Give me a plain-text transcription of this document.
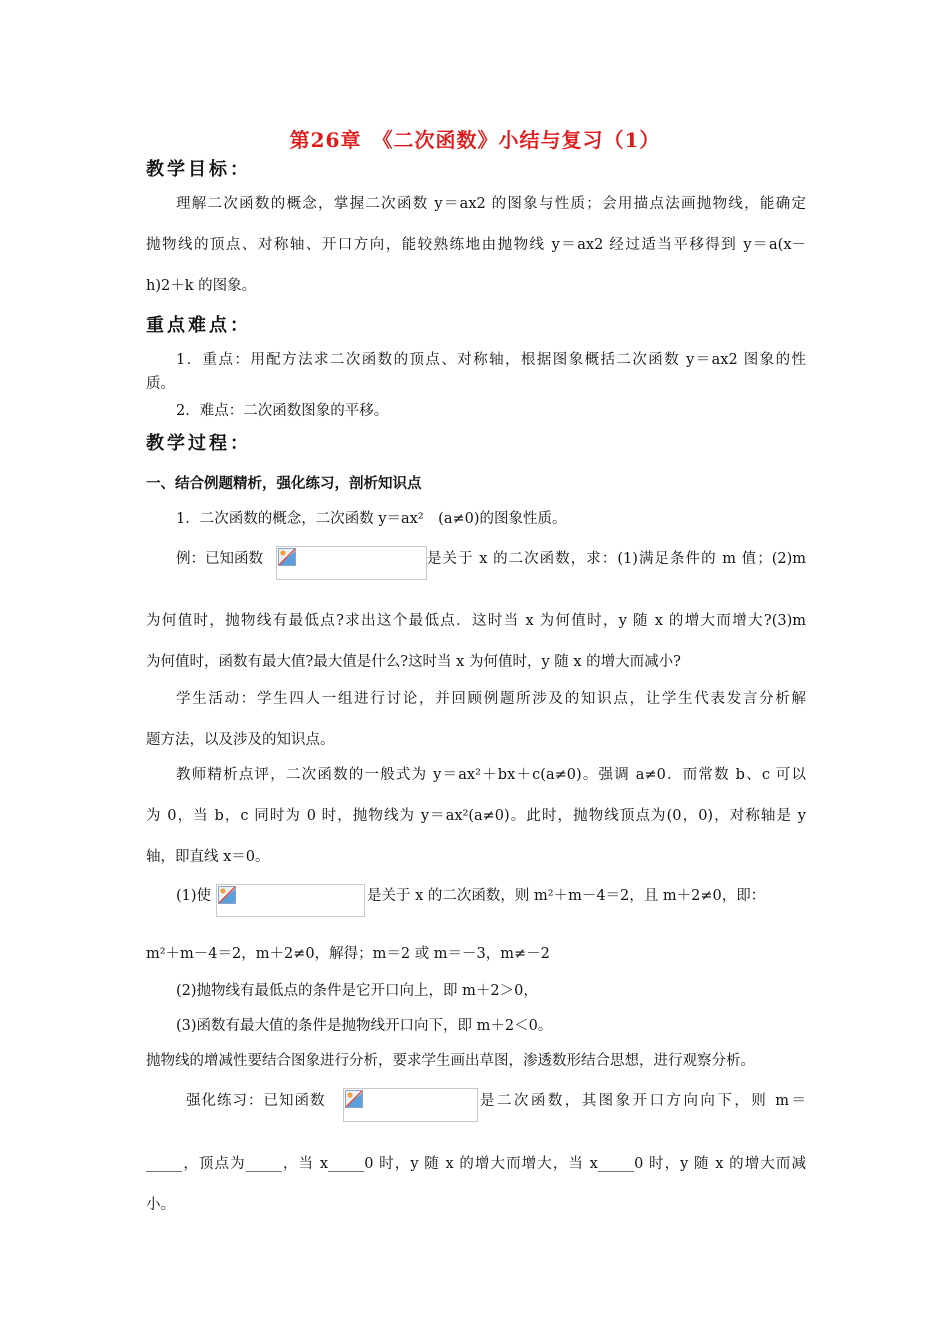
第26章　《二次函数》小结与复习（1）
教学目标：
理解二次函数的概念，掌握二次函数 y＝ax2 的图象与性质；会用描点法画抛物线，能确定
抛物线的顶点、对称轴、开口方向，能较熟练地由抛物线 y＝ax2 经过适当平移得到 y＝a(x－
h)2＋k 的图象。
重点难点：
1．重点：用配方法求二次函数的顶点、对称轴，根据图象概括二次函数 y＝ax2 图象的性
质。
2．难点：二次函数图象的平移。
教学过程：
一、结合例题精析，强化练习，剖析知识点
1．二次函数的概念，二次函数 y＝ax²　(a≠0)的图象性质。
例：已知函数	是关于 x 的二次函数，求：(1)满足条件的 m 值；(2)m
为何值时，抛物线有最低点?求出这个最低点．这时当 x 为何值时，y 随 x 的增大而增大?(3)m
为何值时，函数有最大值?最大值是什么?这时当 x 为何值时，y 随 x 的增大而减小?
学生活动：学生四人一组进行讨论，并回顾例题所涉及的知识点，让学生代表发言分析解
题方法，以及涉及的知识点。
教师精析点评，二次函数的一般式为 y＝ax²＋bx＋c(a≠0)。强调 a≠0．而常数 b、c 可以
为 0，当 b，c 同时为 0 时，抛物线为 y＝ax²(a≠0)。此时，抛物线顶点为(0，0)，对称轴是 y
轴，即直线 x＝0。
(1)使	是关于 x 的二次函数，则 m²＋m－4＝2，且 m＋2≠0，即：
m²＋m－4＝2，m＋2≠0，解得；m＝2 或 m＝－3，m≠－2
(2)抛物线有最低点的条件是它开口向上，即 m＋2＞0，
(3)函数有最大值的条件是抛物线开口向下，即 m＋2＜0。
抛物线的增减性要结合图象进行分析，要求学生画出草图，渗透数形结合思想，进行观察分析。
强化练习：已知函数	是二次函数，其图象开口方向向下，则 m＝
_____，顶点为_____，当 x_____0 时，y 随 x 的增大而增大，当 x_____0 时，y 随 x 的增大而减
小。
